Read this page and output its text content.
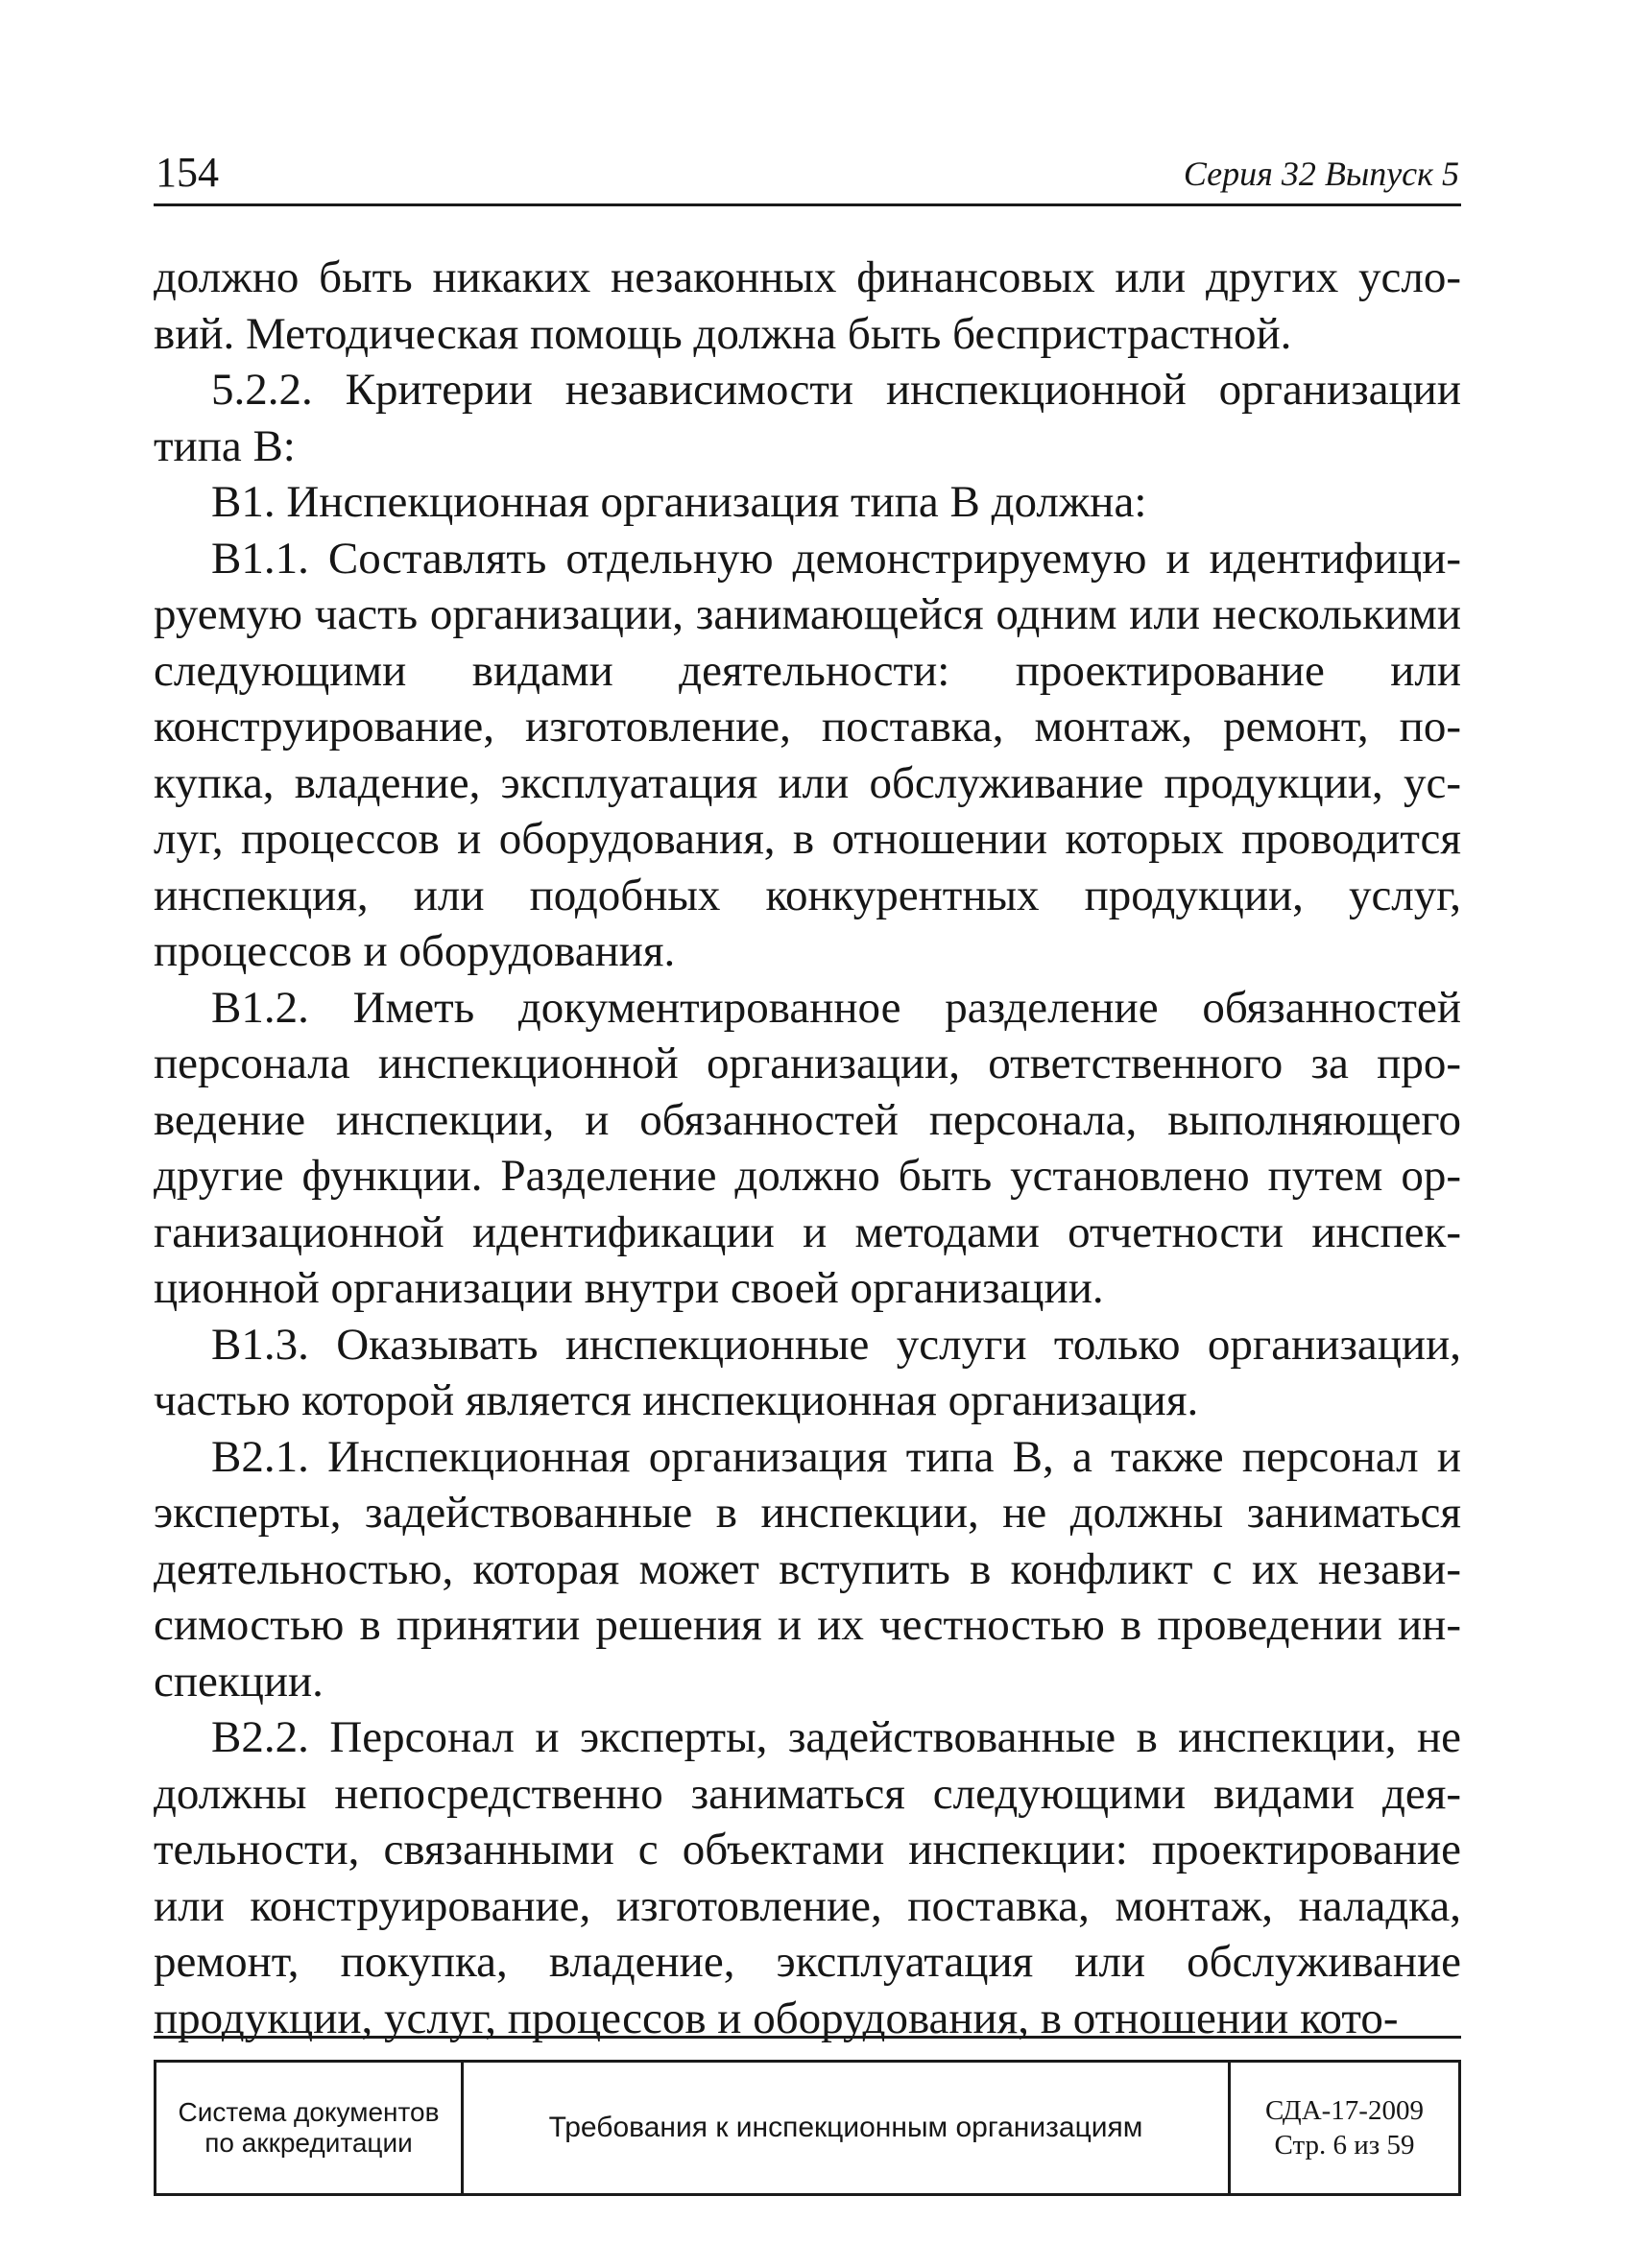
154	Серия 32 Выпуск 5

должно быть никаких незаконных финансовых или других условий. Методическая помощь должна быть беспристрастной.

5.2.2. Критерии независимости инспекционной организации типа В:

В1. Инспекционная организация типа В должна:

В1.1. Составлять отдельную демонстрируемую и идентифицируемую часть организации, занимающейся одним или несколькими следующими видами деятельности: проектирование или конструирование, изготовление, поставка, монтаж, ремонт, покупка, владение, эксплуатация или обслуживание продукции, услуг, процессов и оборудования, в отношении которых проводится инспекция, или подобных конкурентных продукции, услуг, процессов и оборудования.

В1.2. Иметь документированное разделение обязанностей персонала инспекционной организации, ответственного за проведение инспекции, и обязанностей персонала, выполняющего другие функции. Разделение должно быть установлено путем организационной идентификации и методами отчетности инспекционной организации внутри своей организации.

В1.3. Оказывать инспекционные услуги только организации, частью которой является инспекционная организация.

В2.1. Инспекционная организация типа В, а также персонал и эксперты, задействованные в инспекции, не должны заниматься деятельностью, которая может вступить в конфликт с их независимостью в принятии решения и их честностью в проведении инспекции.

В2.2. Персонал и эксперты, задействованные в инспекции, не должны непосредственно заниматься следующими видами деятельности, связанными с объектами инспекции: проектирование или конструирование, изготовление, поставка, монтаж, наладка, ремонт, покупка, владение, эксплуатация или обслуживание продукции, услуг, процессов и оборудования, в отношении кото-

Система документов
по аккредитации	Требования к инспекционным организациям
СДА-17-2009
Стр. 6 из 59
